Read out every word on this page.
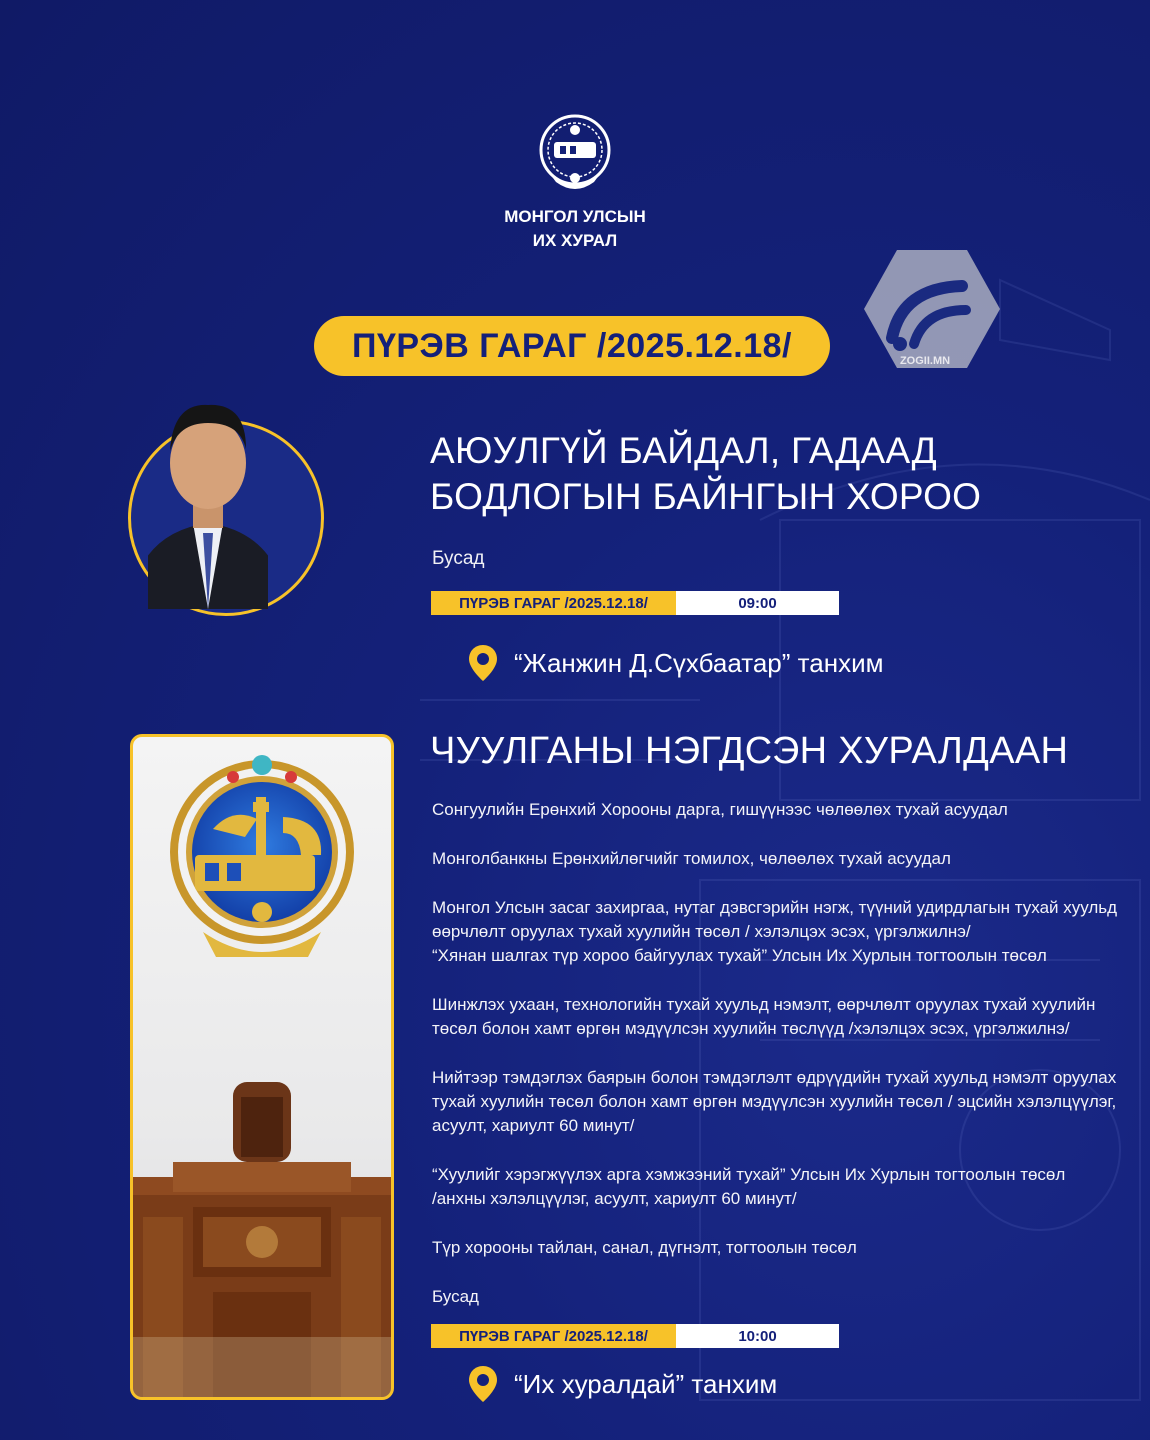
МОНГОЛ УЛСЫН
ИХ ХУРАЛ
ZOGII.MN
ПҮРЭВ ГАРАГ /2025.12.18/
АЮУЛГҮЙ БАЙДАЛ, ГАДААД
БОДЛОГЫН БАЙНГЫН ХОРОО
Бусад
ПҮРЭВ ГАРАГ /2025.12.18/	09:00
“Жанжин Д.Сүхбаатар” танхим
ЧУУЛГАНЫ НЭГДСЭН ХУРАЛДААН

Сонгуулийн Ерөнхий Хорооны дарга, гишүүнээс чөлөөлөх тухай асуудал

Монголбанкны Ерөнхийлөгчийг томилох, чөлөөлөх тухай асуудал

Монгол Улсын засаг захиргаа, нутаг дэвсгэрийн нэгж, түүний удирдлагын тухай хуульд
өөрчлөлт оруулах тухай хуулийн төсөл / хэлэлцэх эсэх, үргэлжилнэ/
“Хянан шалгах түр хороо байгуулах тухай” Улсын Их Хурлын тогтоолын төсөл

Шинжлэх ухаан, технологийн тухай хуульд нэмэлт, өөрчлөлт оруулах тухай хуулийн
төсөл болон хамт өргөн мэдүүлсэн хуулийн төслүүд /хэлэлцэх эсэх, үргэлжилнэ/

Нийтээр тэмдэглэх баярын болон тэмдэглэлт өдрүүдийн тухай хуульд нэмэлт оруулах
тухай хуулийн төсөл болон хамт өргөн мэдүүлсэн хуулийн төсөл / эцсийн хэлэлцүүлэг,
асуулт, хариулт 60 минут/

“Хуулийг хэрэгжүүлэх арга хэмжээний тухай” Улсын Их Хурлын тогтоолын төсөл
/анхны хэлэлцүүлэг, асуулт, хариулт 60 минут/

Түр хорооны тайлан, санал, дүгнэлт, тогтоолын төсөл

Бусад

ПҮРЭВ ГАРАГ /2025.12.18/	10:00
“Их хуралдай” танхим
